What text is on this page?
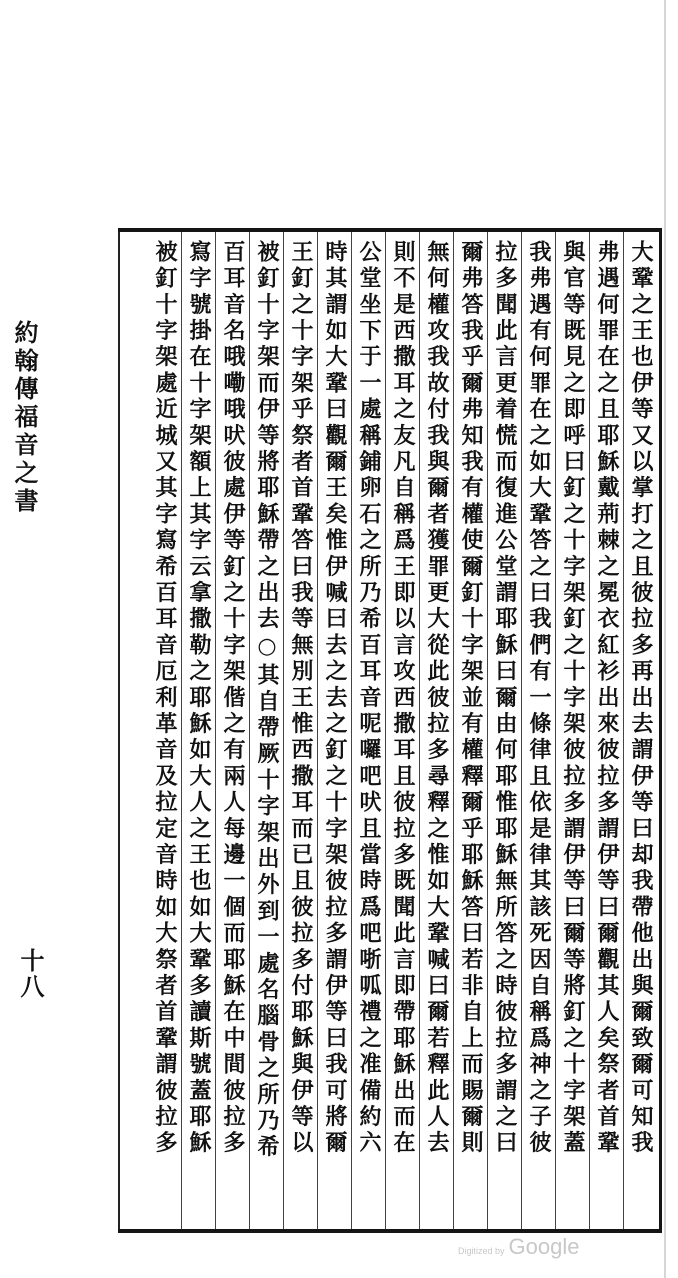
約翰傳福音之書
十八	大鞏之王也伊等又以掌打之且彼拉多再出去謂伊等曰却我帶他出與爾致爾可知我
弗遇何罪在之且耶穌戴荊棘之冕衣紅衫出來彼拉多謂伊等曰爾觀其人矣祭者首鞏
與官等既見之即呼曰釘之十字架釘之十字架彼拉多謂伊等曰爾等將釘之十字架蓋
我弗遇有何罪在之如大鞏答之曰我們有一條律且依是律其該死因自稱爲神之子彼
拉多聞此言更着慌而復進公堂謂耶穌曰爾由何耶惟耶穌無所答之時彼拉多謂之曰
爾弗答我乎爾弗知我有權使爾釘十字架並有權釋爾乎耶穌答曰若非自上而賜爾則
無何權攻我故付我與爾者獲罪更大從此彼拉多尋釋之惟如大鞏喊曰爾若釋此人去
則不是西撒耳之友凡自稱爲王即以言攻西撒耳且彼拉多既聞此言即帶耶穌出而在
公堂坐下于一處稱鋪卵石之所乃希百耳音呢囉吧吠且當時爲吧哳呱禮之准備約六
時其謂如大鞏曰觀爾王矣惟伊喊曰去之去之釘之十字架彼拉多謂伊等曰我可將爾
王釘之十字架乎祭者首鞏答曰我等無別王惟西撒耳而已且彼拉多付耶穌與伊等以
被釘十字架而伊等將耶穌帶之出去○其自帶厥十字架出外到一處名腦骨之所乃希
百耳音名哦嘞哦吠彼處伊等釘之十字架偕之有兩人每邊一個而耶穌在中間彼拉多
寫字號掛在十字架額上其字云拿撒勒之耶穌如大人之王也如大鞏多讀斯號蓋耶穌
被釘十字架處近城又其字寫希百耳音厄利革音及拉定音時如大祭者首鞏謂彼拉多
Digitized by Google
